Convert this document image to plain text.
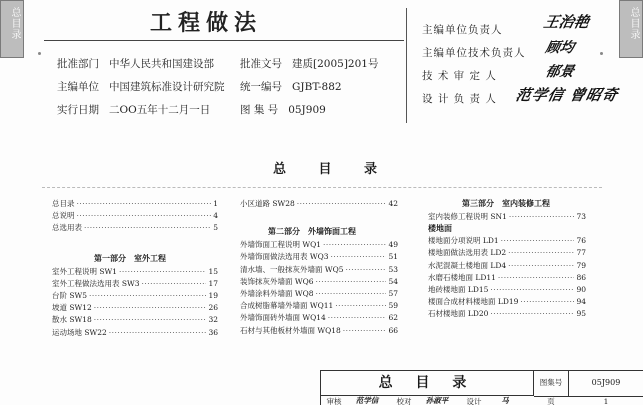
总目录	总目录
工程做法
批准部门 中华人民共和国建设部 批准文号 建质[2005]201号
主编单位 中国建筑标准设计研究院 统一编号 GJBT-882
实行日期 二OO五年十二月一日	图 集 号 05J909
主编单位负责人	王治艳
主编单位技术负责人 顾均
技 术 审 定 人	郁景
设 计 负 责 人 范学信 曾昭奇
总 目 录
总目录 ·····	1
总说明 ·····	4
总选用表 ·····	5
第一部分　室外工程
室外工程说明 SW1 ·····	15
室外工程做法选用表 SW3 ·····	17
台阶 SW5 ·····	19
坡道 SW12 ·····	26
散水 SW18 ·····	32
运动场地 SW22 ·····	36
小区道路 SW28 ·····	42
第二部分　外墙饰面工程
外墙饰面工程说明 WQ1 ·····	49
外墙饰面做法选用表 WQ3 ·····	51
清水墙、一般抹灰外墙面 WQ5 ·····	53
装饰抹灰外墙面 WQ6 ·····	54
外墙涂料外墙面 WQ8 ·····	57
合成树脂幕墙外墙面 WQ11 ·····	59
外墙饰面砖外墙面 WQ14 ·····	62
石材与其他板材外墙面 WQ18 ·····	66
第三部分　室内装修工程
室内装修工程说明 SN1 ·····	73
楼地面
楼地面分项说明 LD1 ·····	76
楼地面做法选用表 LD2 ·····	77
水泥混凝土楼地面 LD4 ·····	79
水磨石楼地面 LD11 ·····	86
地砖楼地面 LD15 ·····	90
楼面合成材料楼地面 LD19 ·····	94
石材楼地面 LD20 ·····	95
总 目 录	图集号	05J909
审核	范学信	校对	孙淑平	设计	马	页	1
